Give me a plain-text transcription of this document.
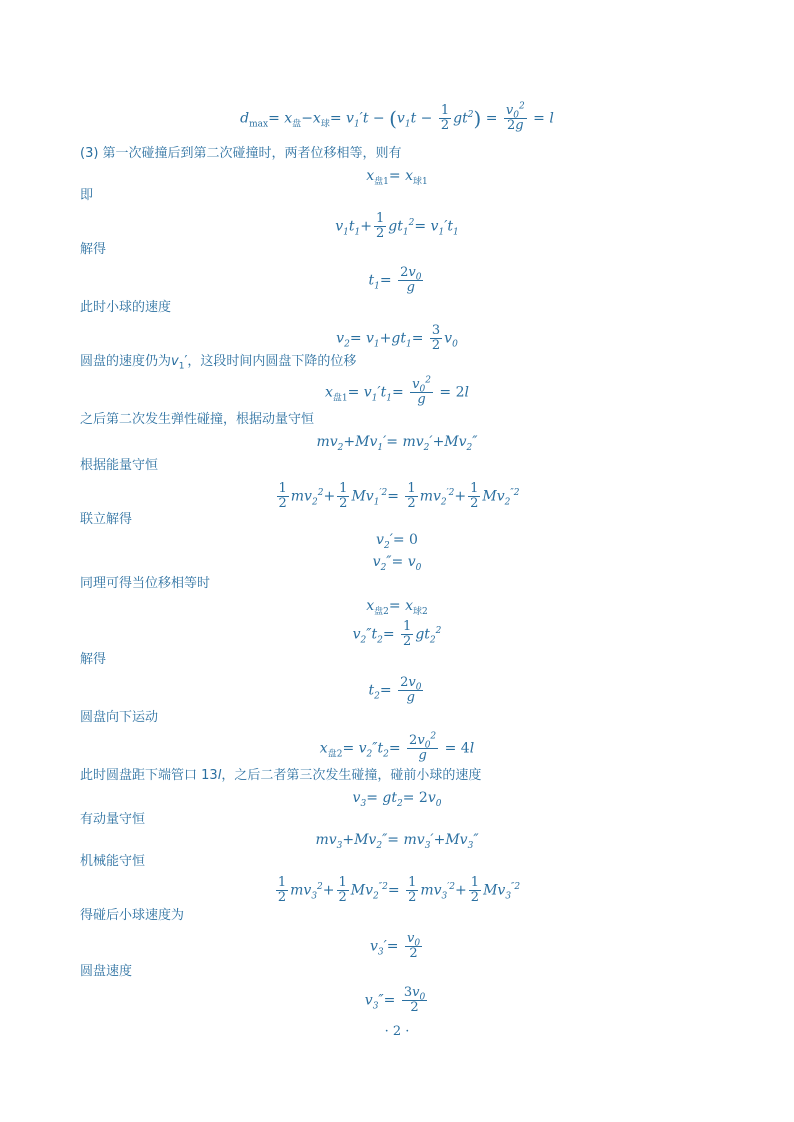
$d_{max}= x_盘-x_球= v_1't - (v_1t - \frac{1}{2} gt^2) = \frac{v_0^2}{2g} = l$
(3) 第一次碰撞后到第二次碰撞时，两者位移相等，则有
$x_{盘1}= x_{球1}$
即
$v_1t_1+ \frac{1}{2} gt_1^2= v_1't_1$
解得
$t_1= \frac{2v_0}{g}$
此时小球的速度
$v_2= v_1+gt_1= \frac{3}{2} v_0$
圆盘的速度仍为$v_1'$，这段时间内圆盘下降的位移
$x_{盘1}= v_1't_1= \frac{v_0^2}{g} = 2l$
之后第二次发生弹性碰撞，根据动量守恒
$mv_2+Mv_1'= mv_2'+Mv_2''$
根据能量守恒
$\frac{1}{2} mv_2^2+ \frac{1}{2} Mv_1^{'2}= \frac{1}{2} mv_2^{'2}+ \frac{1}{2} Mv_2^{''2}$
联立解得
$v_2'= 0$
$v_2''= v_0$
同理可得当位移相等时
$x_{盘2}= x_{球2}$
$v_2''t_2= \frac{1}{2} gt_2^2$
解得
$t_2= \frac{2v_0}{g}$
圆盘向下运动
$x_{盘2}= v_2''t_2= \frac{2v_0^2}{g} = 4l$
此时圆盘距下端管口 13l，之后二者第三次发生碰撞，碰前小球的速度
$v_3= gt_2= 2v_0$
有动量守恒
$mv_3+Mv_2''= mv_3'+Mv_3''$
机械能守恒
$\frac{1}{2} mv_3^2+ \frac{1}{2} Mv_2^{''2}= \frac{1}{2} mv_3^{'2}+ \frac{1}{2} Mv_3^{''2}$
得碰后小球速度为
$v_3'= \frac{v_0}{2}$
圆盘速度
$v_3''= \frac{3v_0}{2}$
· 2 ·
